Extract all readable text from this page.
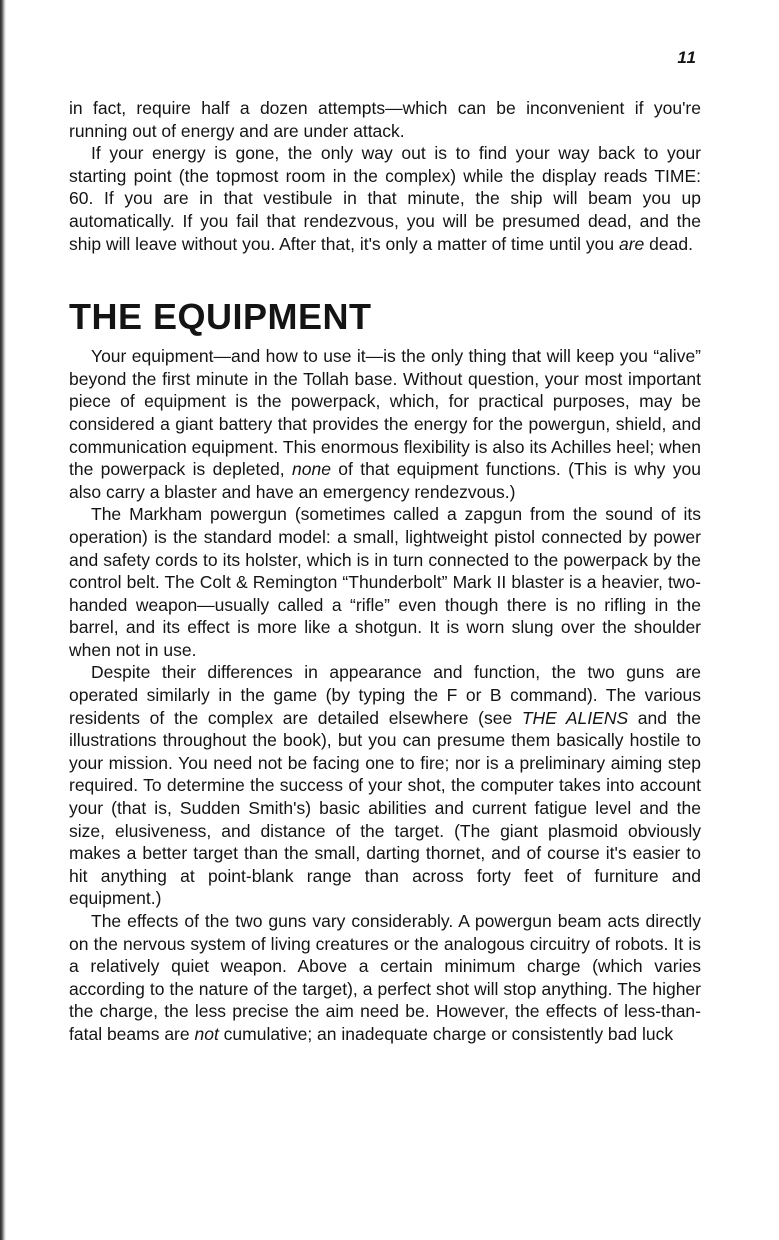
11

in fact, require half a dozen attempts—which can be inconvenient if you're running out of energy and are under attack.

If your energy is gone, the only way out is to find your way back to your starting point (the topmost room in the complex) while the display reads TIME: 60. If you are in that vestibule in that minute, the ship will beam you up automatically. If you fail that rendezvous, you will be presumed dead, and the ship will leave without you. After that, it's only a matter of time until you are dead.

THE EQUIPMENT

Your equipment—and how to use it—is the only thing that will keep you “alive” beyond the first minute in the Tollah base. Without question, your most important piece of equipment is the powerpack, which, for practical purposes, may be considered a giant battery that provides the energy for the powergun, shield, and communication equipment. This enormous flexibility is also its Achilles heel; when the powerpack is depleted, none of that equipment functions. (This is why you also carry a blaster and have an emergency rendezvous.)

The Markham powergun (sometimes called a zapgun from the sound of its operation) is the standard model: a small, lightweight pistol connected by power and safety cords to its holster, which is in turn connected to the powerpack by the control belt. The Colt & Remington “Thunderbolt” Mark II blaster is a heavier, two-handed weapon—usually called a “rifle” even though there is no rifling in the barrel, and its effect is more like a shotgun. It is worn slung over the shoulder when not in use.

Despite their differences in appearance and function, the two guns are operated similarly in the game (by typing the F or B command). The various residents of the complex are detailed elsewhere (see THE ALIENS and the illustrations throughout the book), but you can presume them basically hostile to your mission. You need not be facing one to fire; nor is a preliminary aiming step required. To determine the success of your shot, the computer takes into account your (that is, Sudden Smith's) basic abilities and current fatigue level and the size, elusiveness, and distance of the target. (The giant plasmoid obviously makes a better target than the small, darting thornet, and of course it's easier to hit anything at point-blank range than across forty feet of furniture and equipment.)

The effects of the two guns vary considerably. A powergun beam acts directly on the nervous system of living creatures or the analogous circuitry of robots. It is a relatively quiet weapon. Above a certain minimum charge (which varies according to the nature of the target), a perfect shot will stop anything. The higher the charge, the less precise the aim need be. However, the effects of less-than-fatal beams are not cumulative; an inadequate charge or consistently bad luck
